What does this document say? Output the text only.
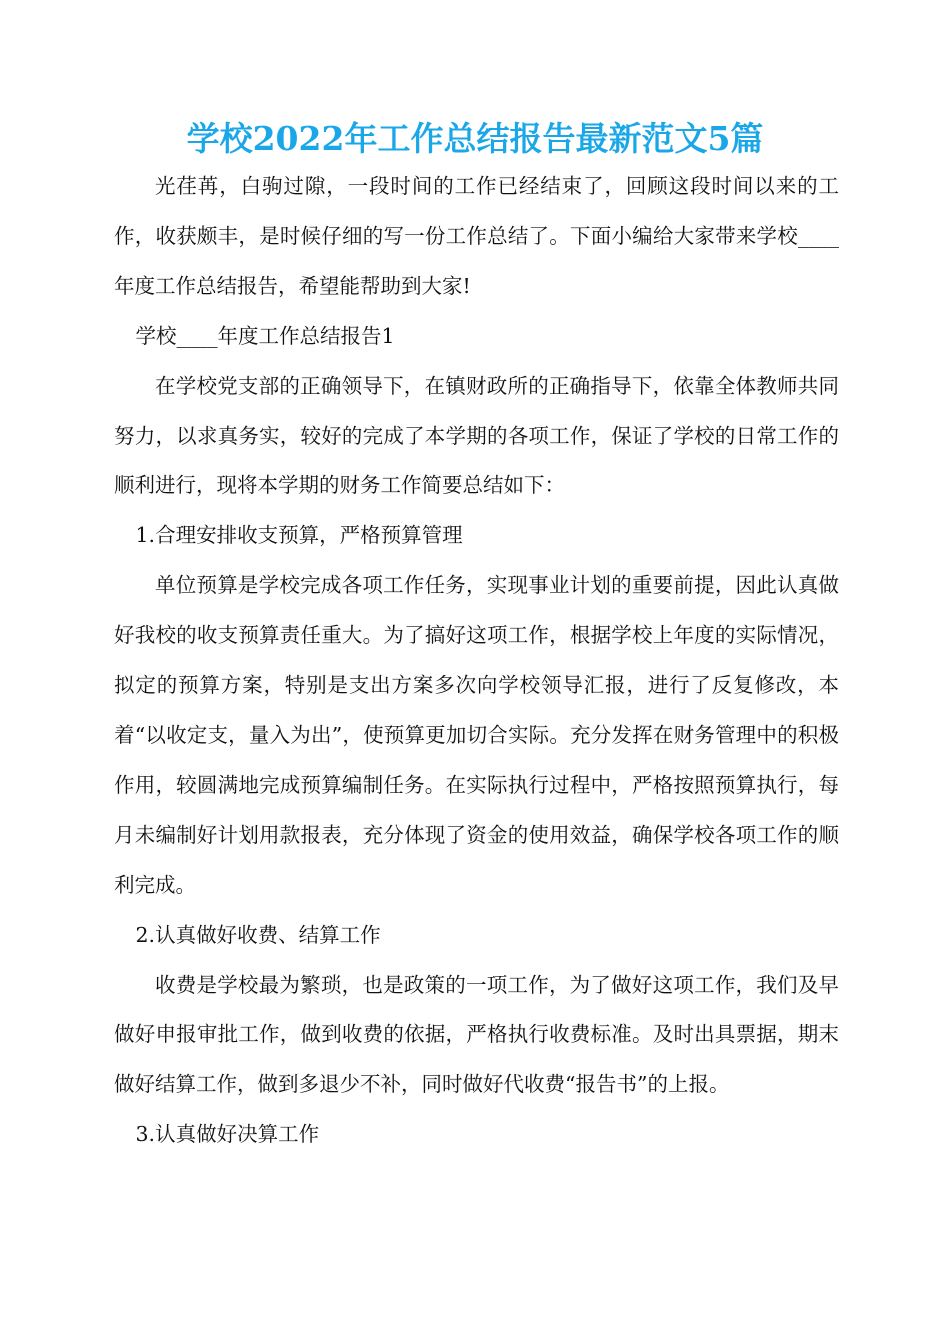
学校2022年工作总结报告最新范文5篇

光荏苒，白驹过隙，一段时间的工作已经结束了，回顾这段时间以来的工作，收获颇丰，是时候仔细的写一份工作总结了。下面小编给大家带来学校____年度工作总结报告，希望能帮助到大家!

学校____年度工作总结报告1

在学校党支部的正确领导下，在镇财政所的正确指导下，依靠全体教师共同努力，以求真务实，较好的完成了本学期的各项工作，保证了学校的日常工作的顺利进行，现将本学期的财务工作简要总结如下：

1.合理安排收支预算，严格预算管理

单位预算是学校完成各项工作任务，实现事业计划的重要前提，因此认真做好我校的收支预算责任重大。为了搞好这项工作，根据学校上年度的实际情况，拟定的预算方案，特别是支出方案多次向学校领导汇报，进行了反复修改，本着“以收定支，量入为出”，使预算更加切合实际。充分发挥在财务管理中的积极作用，较圆满地完成预算编制任务。在实际执行过程中，严格按照预算执行，每月未编制好计划用款报表，充分体现了资金的使用效益，确保学校各项工作的顺利完成。

2.认真做好收费、结算工作

收费是学校最为繁琐，也是政策的一项工作，为了做好这项工作，我们及早做好申报审批工作，做到收费的依据，严格执行收费标准。及时出具票据，期末做好结算工作，做到多退少不补，同时做好代收费“报告书”的上报。

3.认真做好决算工作
